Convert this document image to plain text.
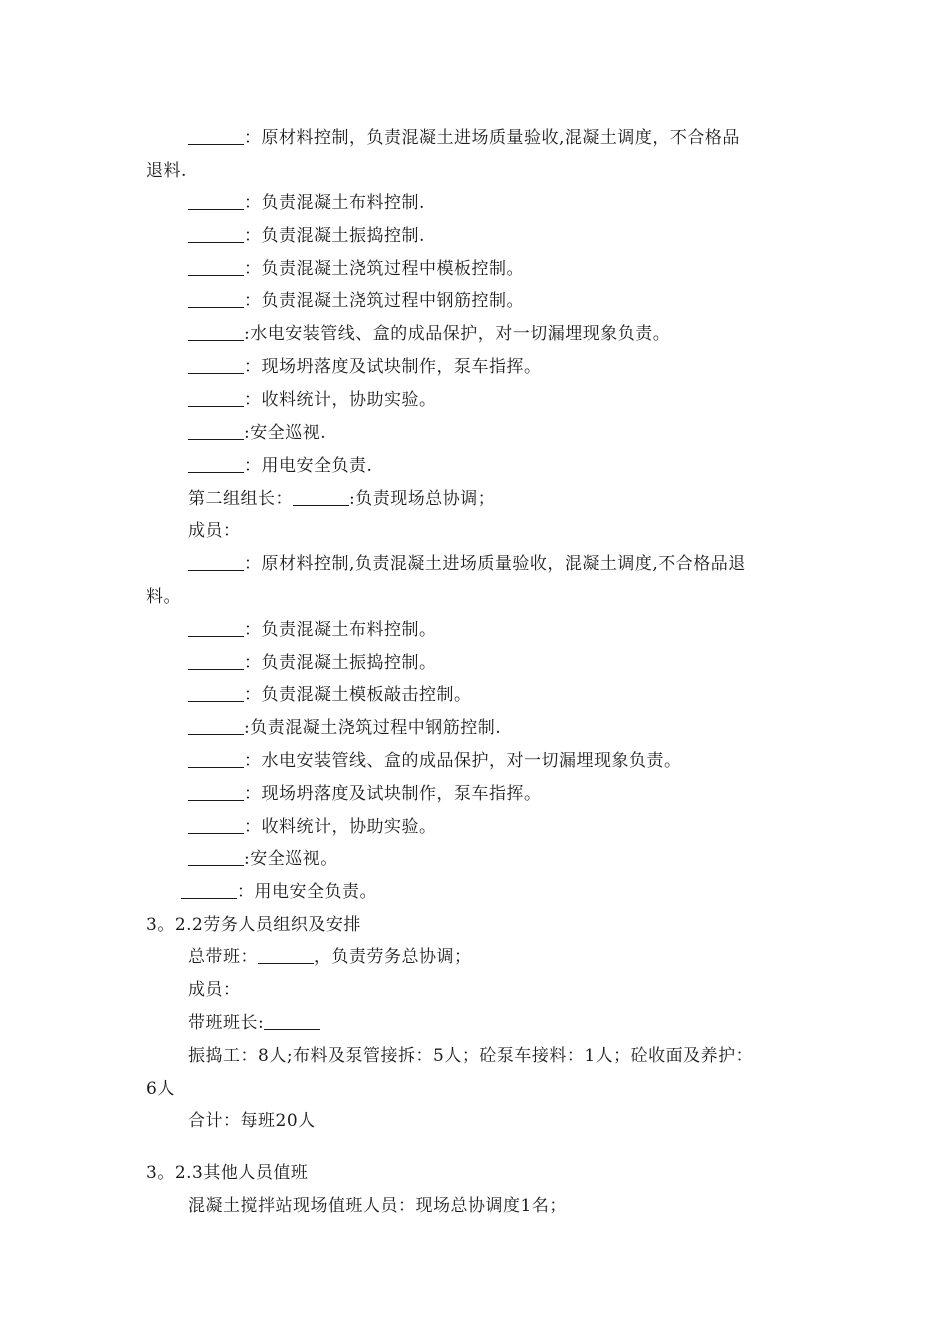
：原材料控制，负责混凝土进场质量验收,混凝土调度，不合格品
退料.
：负责混凝土布料控制.
：负责混凝土振捣控制.
：负责混凝土浇筑过程中模板控制。
：负责混凝土浇筑过程中钢筋控制。
:水电安装管线、盒的成品保护，对一切漏埋现象负责。
：现场坍落度及试块制作，泵车指挥。
：收料统计，协助实验。
:安全巡视.
：用电安全负责.
第二组组长：	:负责现场总协调；
成员：
：原材料控制,负责混凝土进场质量验收，混凝土调度,不合格品退
料。
：负责混凝土布料控制。
：负责混凝土振捣控制。
：负责混凝土模板敲击控制。
:负责混凝土浇筑过程中钢筋控制.
：水电安装管线、盒的成品保护，对一切漏埋现象负责。
：现场坍落度及试块制作，泵车指挥。
：收料统计，协助实验。
:安全巡视。
：用电安全负责。
3。2.2劳务人员组织及安排
总带班：	，负责劳务总协调；
成员：
带班班长:
振捣工：8人;布料及泵管接拆：5人；砼泵车接料：1人；砼收面及养护：
6人
合计：每班20人
3。2.3其他人员值班
混凝土搅拌站现场值班人员：现场总协调度1名；
